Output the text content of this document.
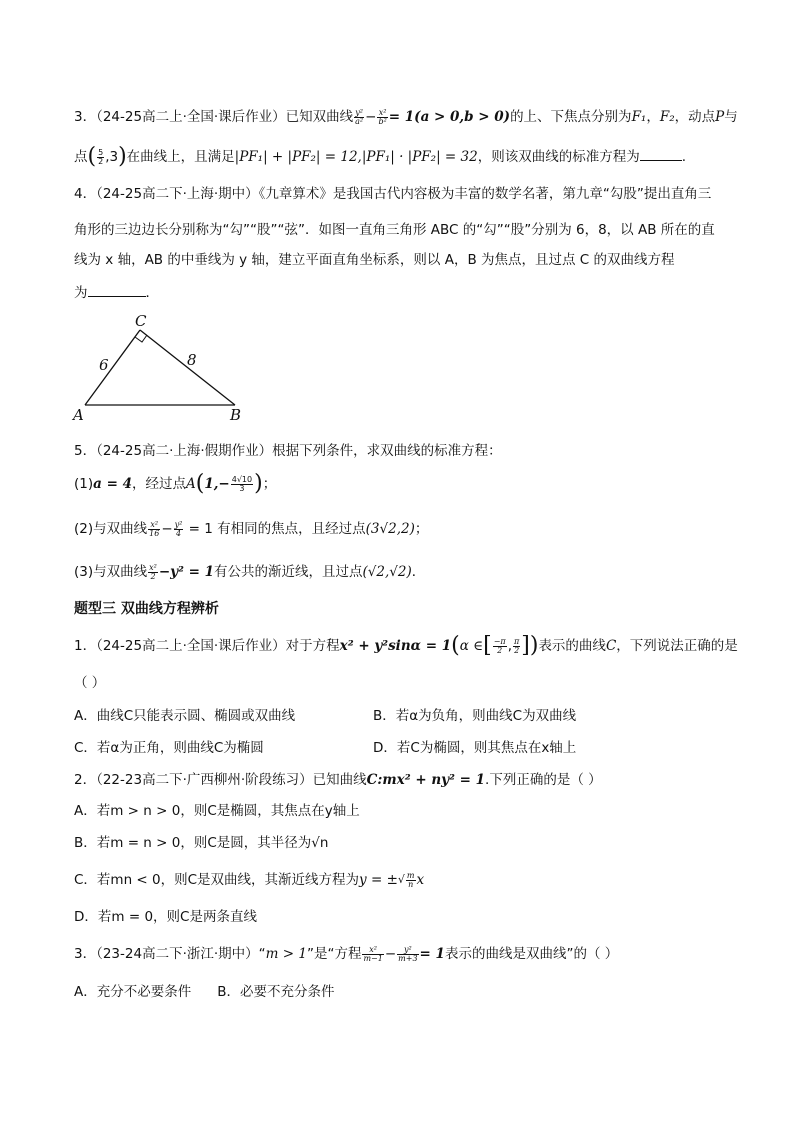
3．（24-25高二上·全国·课后作业）已知双曲线 $\frac{\text{y²}}{\text{a²}} - \frac{\text{x²}}{\text{b²}} = 1(a > 0,b > 0)$的上、下焦点分别为F₁，F₂，动点P与
点( $\frac{5}{2} ,3$)在曲线上，且满足|PF₁| + |PF₂| = 12,|PF₁| · |PF₂| = 32，则该双曲线的标准方程为	.
4．（24-25高二下·上海·期中）《九章算术》是我国古代内容极为丰富的数学名著，第九章“勾股”提出直角三
角形的三边边长分别称为“勾”“股”“弦”．如图一直角三角形 ABC 的“勾”“股”分别为 6，8，以 AB 所在的直
线为 x 轴，AB 的中垂线为 y 轴，建立平面直角坐标系，则以 A，B 为焦点，且过点 C 的双曲线方程
为	．
C
A	B
6	8
5．（24-25高二·上海·假期作业）根据下列条件，求双曲线的标准方程：
(1)a = 4，经过点$A(1,- \frac{4√10}{3}$ )；
(2)与双曲线 $\frac{\text{x²}}{16} - \frac{\text{y²}}{4} = 1$ 有相同的焦点，且经过点(3√2,2)；
(3)与双曲线 $\frac{\text{x²}}{2} -y^2 = 1$有公共的渐近线，且过点(√2,√2)．
题型三 双曲线方程辨析
1．（24-25高二上·全国·课后作业）对于方程x² + y²sinα = 1(α ∈[ $\frac{-\pi}{2}$ , $\frac{\pi}{2}$ ])表示的曲线C，下列说法正确的是
（ ）
A．曲线C只能表示圆、椭圆或双曲线	B．若α为负角，则曲线C为双曲线
C．若α为正角，则曲线C为椭圆	D．若C为椭圆，则其焦点在x轴上
2．（22-23高二下·广西柳州·阶段练习）已知曲线C:mx² + ny² = 1.下列正确的是（ ）
A．若m > n > 0，则C是椭圆，其焦点在y轴上
B．若m = n > 0，则C是圆，其半径为√n
C．若mn < 0，则C是双曲线，其渐近线方程为y = ±√ $\frac{m}{n}$ x
D．若m = 0，则C是两条直线
3．（23-24高二下·浙江·期中）“m > 1”是“方程 $\frac{\text{x²}}{m-1} - \frac{\text{y²}}{m+3} = 1$表示的曲线是双曲线”的（ ）
A．充分不必要条件 B．必要不充分条件
